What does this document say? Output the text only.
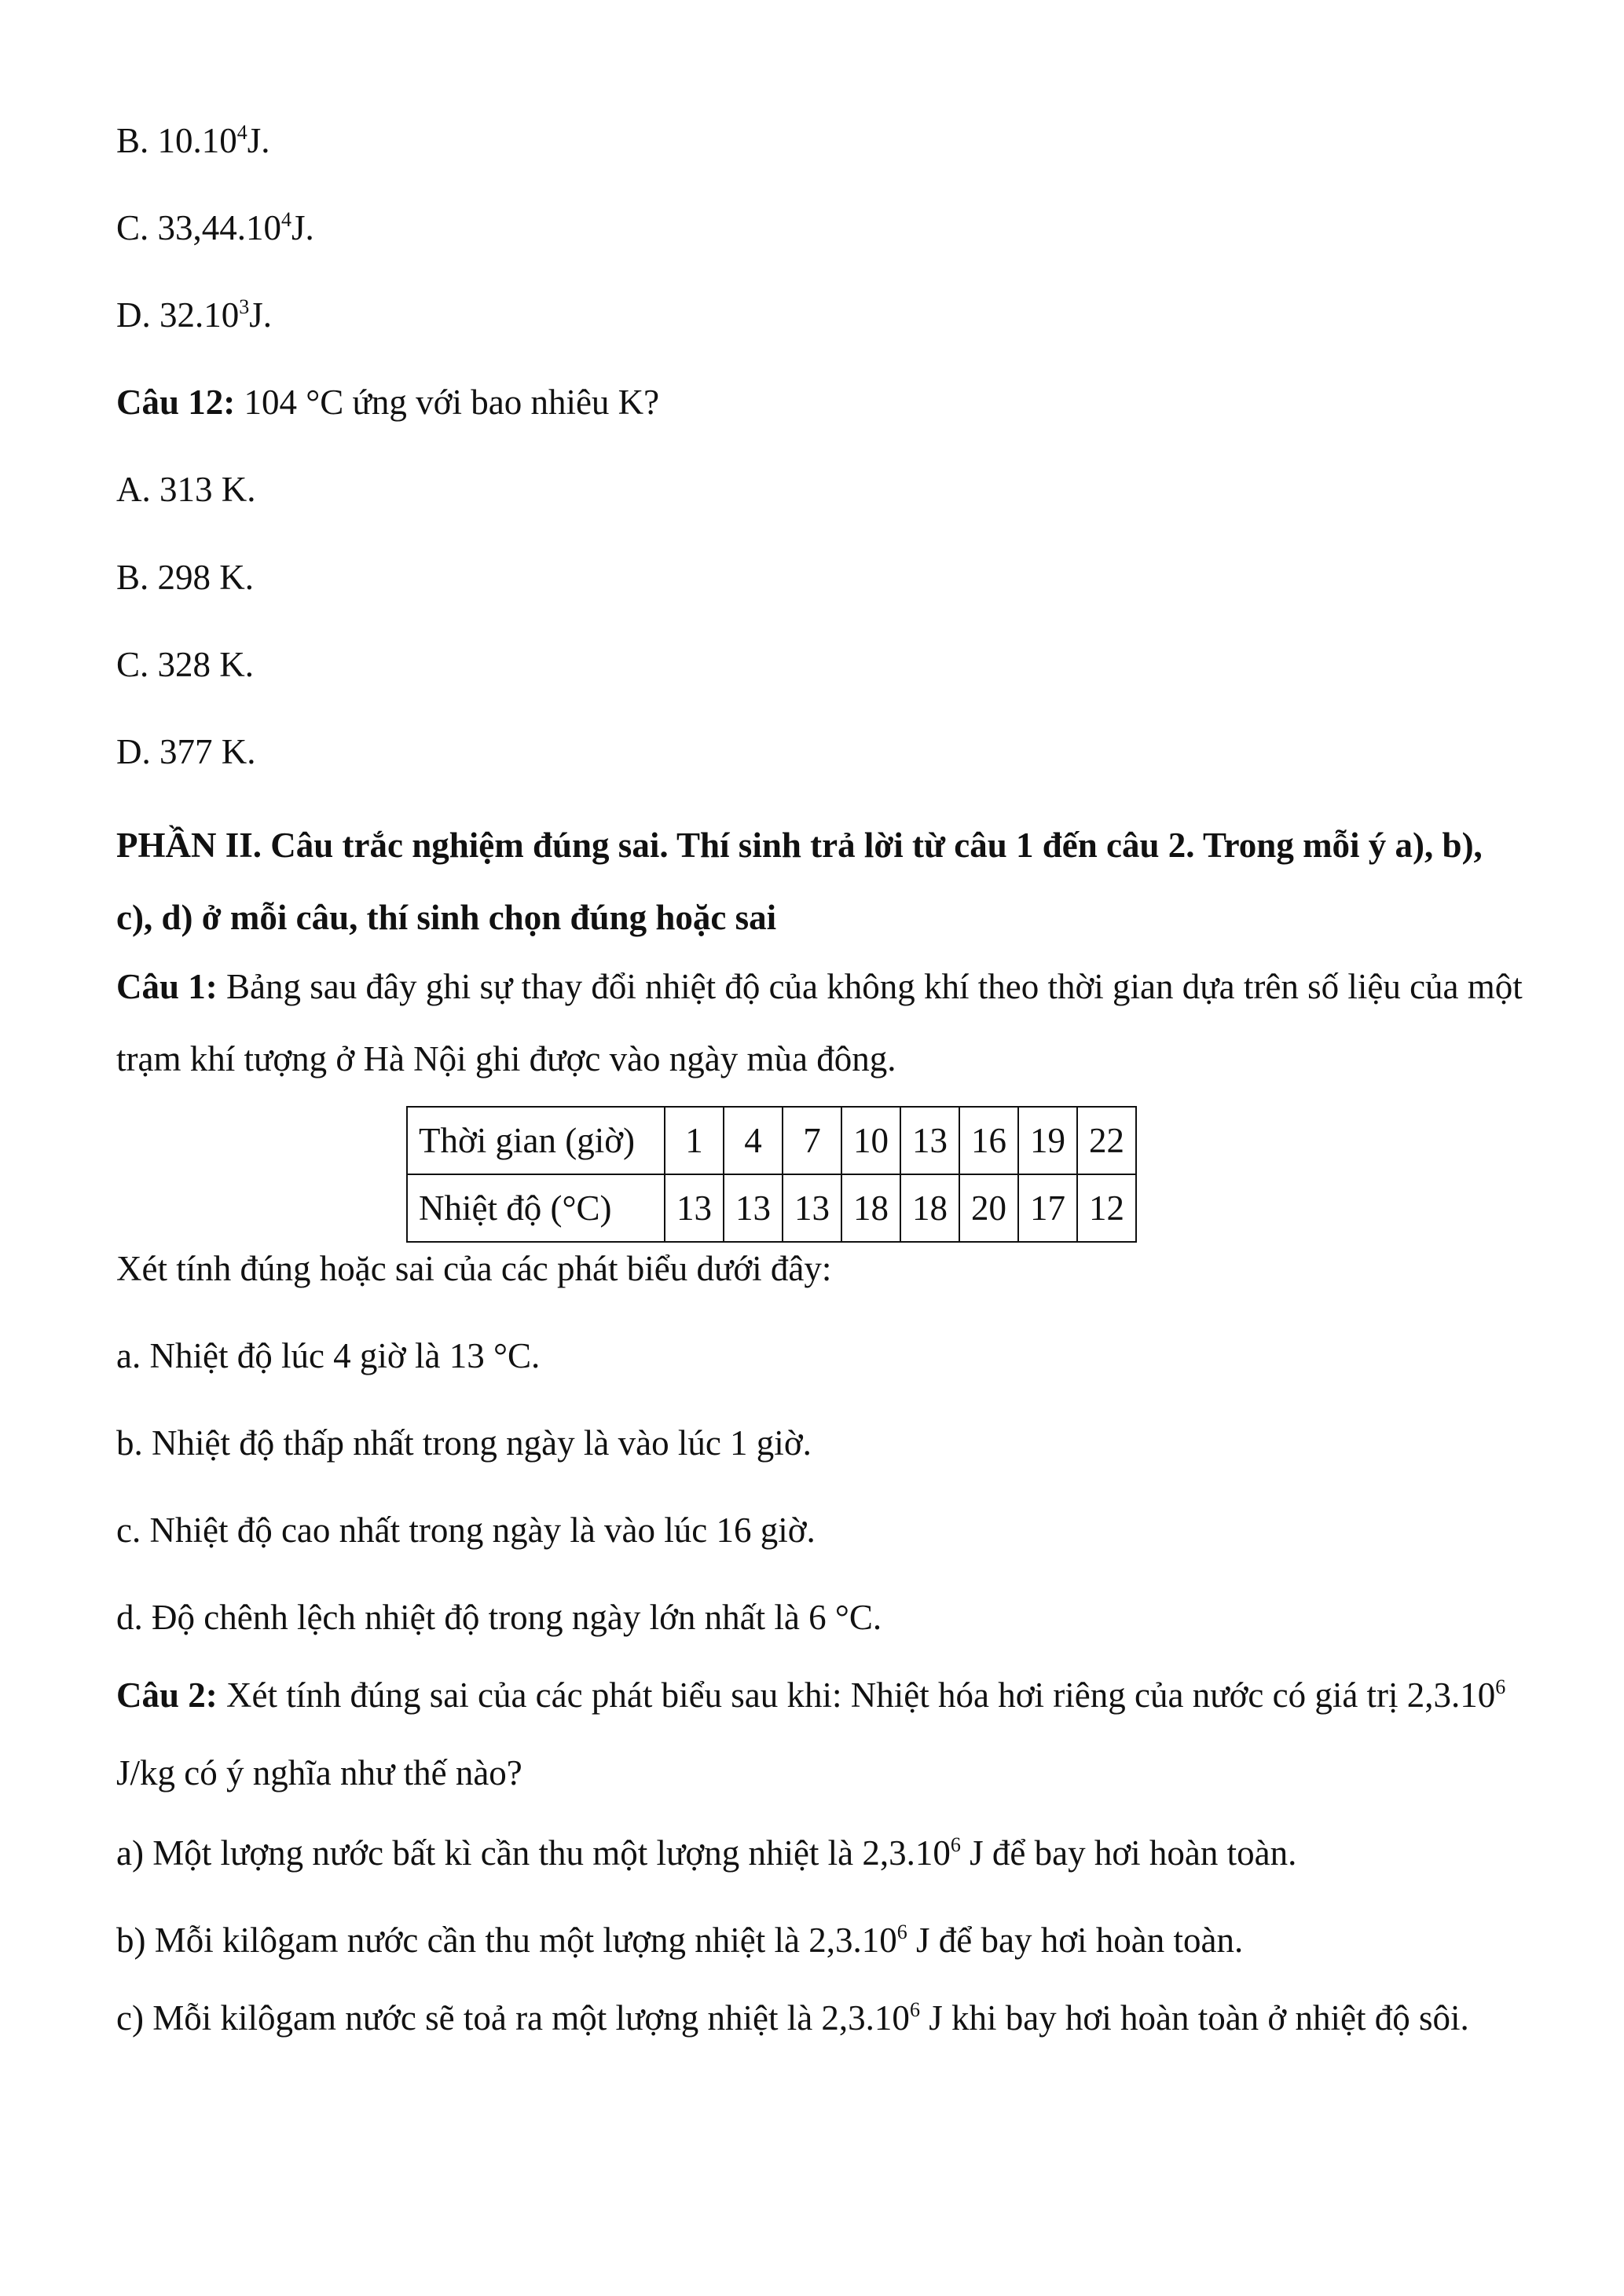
B. 10.10$^4$J.
C. 33,44.10$^4$J.
D. 32.10$^3$J.
Câu 12: 104 °C ứng với bao nhiêu K?
A. 313 K.
B. 298 K.
C. 328 K.
D. 377 K.
PHẦN II. Câu trắc nghiệm đúng sai. Thí sinh trả lời từ câu 1 đến câu 2. Trong mỗi ý a), b), c), d) ở mỗi câu, thí sinh chọn đúng hoặc sai
Câu 1: Bảng sau đây ghi sự thay đổi nhiệt độ của không khí theo thời gian dựa trên số liệu của một trạm khí tượng ở Hà Nội ghi được vào ngày mùa đông.
Thời gian (giờ)	1	4	7	10	13	16	19	22
Nhiệt độ (°C)	13	13	13	18	18	20	17	12
Xét tính đúng hoặc sai của các phát biểu dưới đây:
a. Nhiệt độ lúc 4 giờ là 13 °C.
b. Nhiệt độ thấp nhất trong ngày là vào lúc 1 giờ.
c. Nhiệt độ cao nhất trong ngày là vào lúc 16 giờ.
d. Độ chênh lệch nhiệt độ trong ngày lớn nhất là 6 °C.
Câu 2: Xét tính đúng sai của các phát biểu sau khi: Nhiệt hóa hơi riêng của nước có giá trị 2,3.10$^6$ J/kg có ý nghĩa như thế nào?
a) Một lượng nước bất kì cần thu một lượng nhiệt là 2,3.10$^6$ J để bay hơi hoàn toàn.
b) Mỗi kilôgam nước cần thu một lượng nhiệt là 2,3.10$^6$ J để bay hơi hoàn toàn.
c) Mỗi kilôgam nước sẽ toả ra một lượng nhiệt là 2,3.10$^6$ J khi bay hơi hoàn toàn ở nhiệt độ sôi.
